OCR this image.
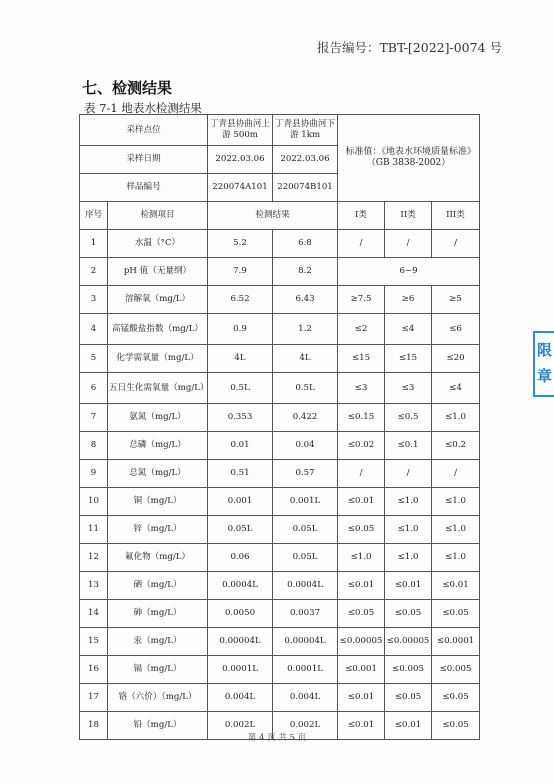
报告编号：TBT-[2022]-0074 号
七、检测结果
表 7-1 地表水检测结果
采样点位		丁青县协曲河上游 500m	丁青县协曲河下游 1km	标准值：《地表水环境质量标准》（GB 3838-2002）		
采样日期		2022.03.06	2022.03.06			
样品编号		220074A101	220074B101			
序号	检测项目	检测结果		I类	II类	III类
1	水温（°C）	5.2	6.8	/	/	/
2	pH 值（无量纲）	7.9	8.2	6~9		
3	溶解氧（mg/L）	6.52	6.43	≥7.5	≥6	≥5
4	高锰酸盐指数（mg/L）	0.9	1.2	≤2	≤4	≤6
5	化学需氧量（mg/L）	4L	4L	≤15	≤15	≤20
6	五日生化需氧量（mg/L）	0.5L	0.5L	≤3	≤3	≤4
7	氨氮（mg/L）	0.353	0.422	≤0.15	≤0.5	≤1.0
8	总磷（mg/L）	0.01	0.04	≤0.02	≤0.1	≤0.2
9	总氮（mg/L）	0.51	0.57	/	/	/
10	铜（mg/L）	0.001	0.001L	≤0.01	≤1.0	≤1.0
11	锌（mg/L）	0.05L	0.05L	≤0.05	≤1.0	≤1.0
12	氟化物（mg/L）	0.06	0.05L	≤1.0	≤1.0	≤1.0
13	硒（mg/L）	0.0004L	0.0004L	≤0.01	≤0.01	≤0.01
14	砷（mg/L）	0.0050	0.0037	≤0.05	≤0.05	≤0.05
15	汞（mg/L）	0.00004L	0.00004L	≤0.00005	≤0.00005	≤0.0001
16	镉（mg/L）	0.0001L	0.0001L	≤0.001	≤0.005	≤0.005
17	铬（六价）（mg/L）	0.004L	0.004L	≤0.01	≤0.05	≤0.05
18	铅（mg/L）	0.002L	0.002L	≤0.01	≤0.01	≤0.05
限 章
第 4 页 共 5 页
